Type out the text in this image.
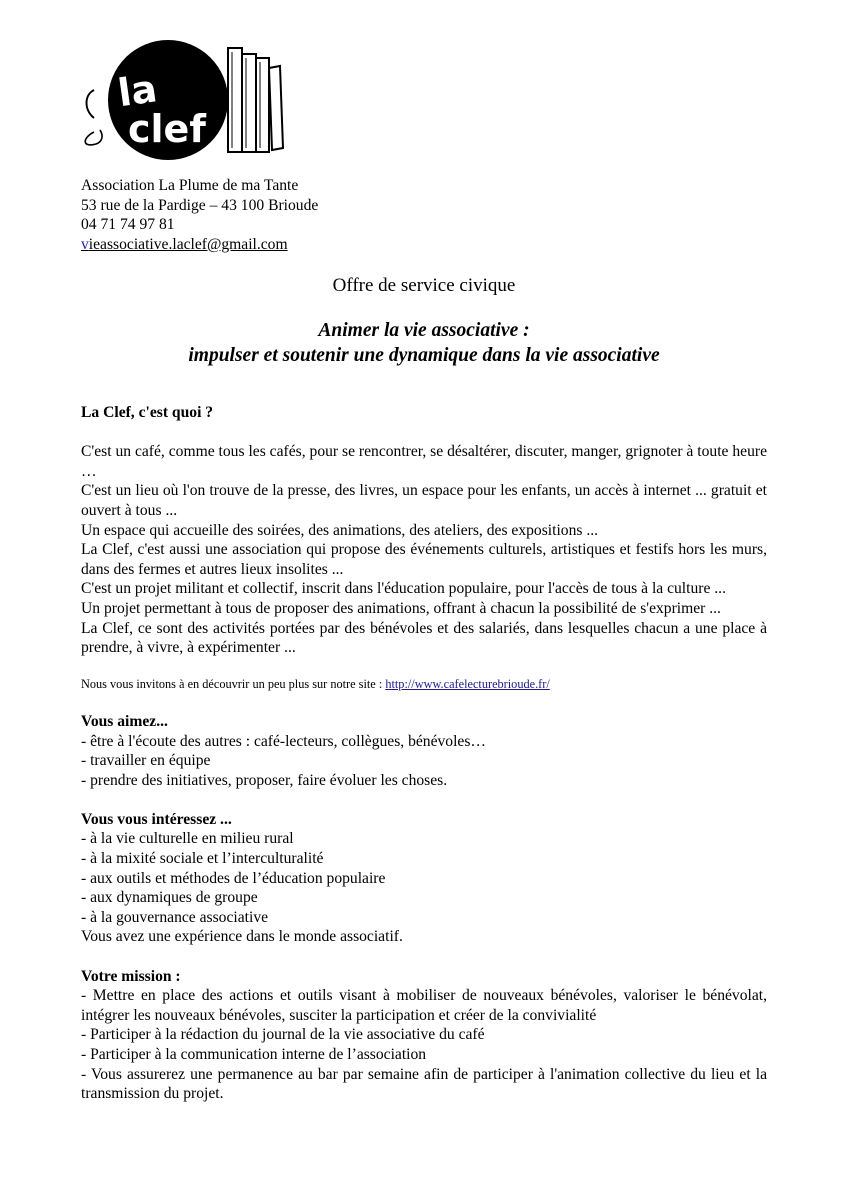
la
clef
Association La Plume de ma Tante
53 rue de la Pardige – 43 100 Brioude
04 71 74 97 81
vieassociative.laclef@gmail.com
Offre de service civique
Animer la vie associative :
impulser et soutenir une dynamique dans la vie associative

La Clef, c'est quoi ?

C'est un café, comme tous les cafés, pour se rencontrer, se désaltérer, discuter, manger, grignoter à toute heure …

C'est un lieu où l'on trouve de la presse, des livres, un espace pour les enfants, un accès à internet ... gratuit et ouvert à tous ...

Un espace qui accueille des soirées, des animations, des ateliers, des expositions ...

La Clef, c'est aussi une association qui propose des événements culturels, artistiques et festifs hors les murs, dans des fermes et autres lieux insolites ...

C'est un projet militant et collectif, inscrit dans l'éducation populaire, pour l'accès de tous à la culture ...

Un projet permettant à tous de proposer des animations, offrant à chacun la possibilité de s'exprimer ...

La Clef, ce sont des activités portées par des bénévoles et des salariés, dans lesquelles chacun a une place à prendre, à vivre, à expérimenter ...

Nous vous invitons à en découvrir un peu plus sur notre site : http://www.cafelecturebrioude.fr/

Vous aimez...

- être à l'écoute des autres : café-lecteurs, collègues, bénévoles…

- travailler en équipe

- prendre des initiatives, proposer, faire évoluer les choses.

Vous vous intéressez ...

- à la vie culturelle en milieu rural

- à la mixité sociale et l’interculturalité

- aux outils et méthodes de l’éducation populaire

- aux dynamiques de groupe

- à la gouvernance associative

Vous avez une expérience dans le monde associatif.

Votre mission :

- Mettre en place des actions et outils visant à mobiliser de nouveaux bénévoles, valoriser le bénévolat, intégrer les nouveaux bénévoles, susciter la participation et créer de la convivialité

- Participer à la rédaction du journal de la vie associative du café

- Participer à la communication interne de l’association

- Vous assurerez une permanence au bar par semaine afin de participer à l'animation collective du lieu et la transmission du projet.
